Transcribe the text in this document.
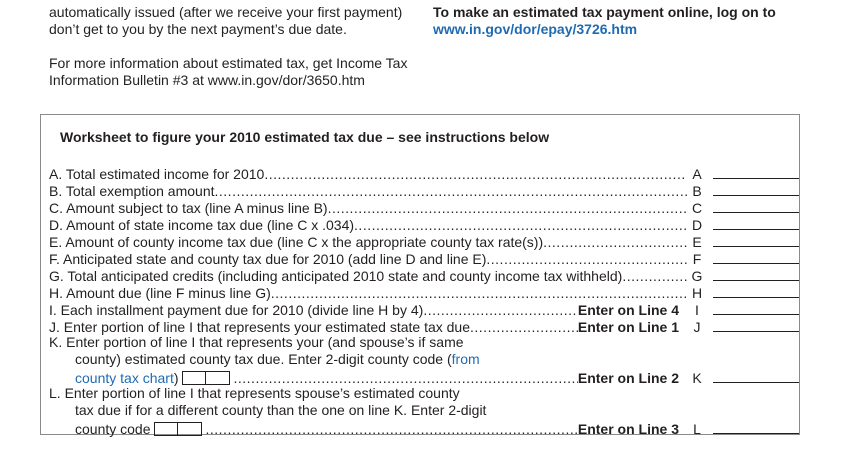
automatically issued (after we receive your first payment)
don’t get to you by the next payment’s due date.
For more information about estimated tax, get Income Tax
Information Bulletin #3 at www.in.gov/dor/3650.htm
To make an estimated tax payment online, log on to
www.in.gov/dor/epay/3726.htm
Worksheet to figure your 2010 estimated tax due – see instructions below
A. Total estimated income for 2010 .....	A
B. Total exemption amount .....	B
C. Amount subject to tax (line A minus line B) .....	C
D. Amount of state income tax due (line C x .034) .....	D
E. Amount of county income tax due (line C x the appropriate county tax rate(s)) .....	E
F. Anticipated state and county tax due for 2010 (add line D and line E) .....	F
G. Total anticipated credits (including anticipated 2010 state and county income tax withheld) .....	G
H. Amount due (line F minus line G) .....	H
I. Each installment payment due for 2010 (divide line H by 4) .....	Enter on Line 4	I
J. Enter portion of line I that represents your estimated state tax due .....	Enter on Line 1	J
K. Enter portion of line I that represents your (and spouse’s if same
county) estimated county tax due. Enter 2-digit county code (from
county tax chart) .....	Enter on Line 2 K
L. Enter portion of line I that represents spouse’s estimated county
tax due if for a different county than the one on line K. Enter 2-digit
county code .....	Enter on Line 3	L
